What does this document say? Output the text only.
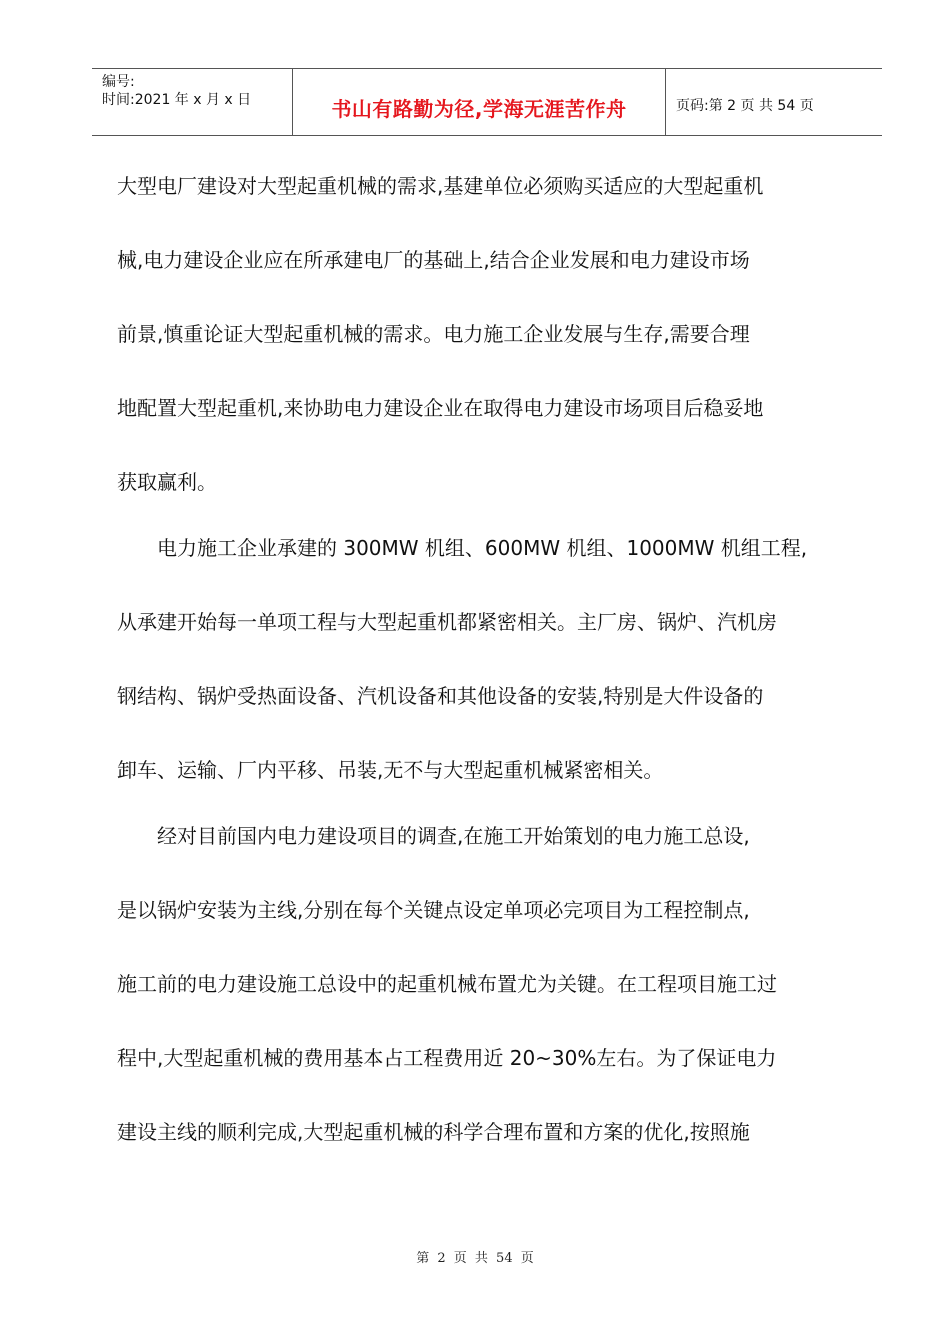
编号:
时间:2021 年 x 月 x 日	书山有路勤为径,学海无涯苦作舟	页码:第 2 页 共 54 页
大型电厂建设对大型起重机械的需求,基建单位必须购买适应的大型起重机
械,电力建设企业应在所承建电厂的基础上,结合企业发展和电力建设市场
前景,慎重论证大型起重机械的需求。电力施工企业发展与生存,需要合理
地配置大型起重机,来协助电力建设企业在取得电力建设市场项目后稳妥地
获取赢利。
电力施工企业承建的 300MW 机组、600MW 机组、1000MW 机组工程,
从承建开始每一单项工程与大型起重机都紧密相关。主厂房、锅炉、汽机房
钢结构、锅炉受热面设备、汽机设备和其他设备的安装,特别是大件设备的
卸车、运输、厂内平移、吊装,无不与大型起重机械紧密相关。
经对目前国内电力建设项目的调查,在施工开始策划的电力施工总设,
是以锅炉安装为主线,分别在每个关键点设定单项必完项目为工程控制点,
施工前的电力建设施工总设中的起重机械布置尤为关键。在工程项目施工过
程中,大型起重机械的费用基本占工程费用近 20~30%左右。为了保证电力
建设主线的顺利完成,大型起重机械的科学合理布置和方案的优化,按照施
第 2 页 共 54 页
